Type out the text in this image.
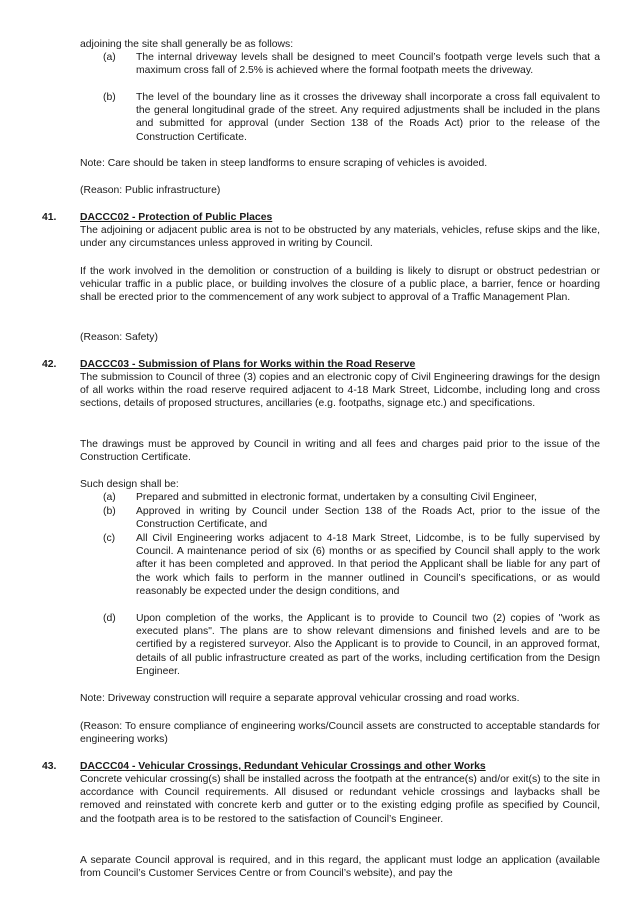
adjoining the site shall generally be as follows:

(a) The internal driveway levels shall be designed to meet Council’s footpath verge levels such that a maximum cross fall of 2.5% is achieved where the formal footpath meets the driveway.

(b) The level of the boundary line as it crosses the driveway shall incorporate a cross fall equivalent to the general longitudinal grade of the street. Any required adjustments shall be included in the plans and submitted for approval (under Section 138 of the Roads Act) prior to the release of the Construction Certificate.

Note: Care should be taken in steep landforms to ensure scraping of vehicles is avoided.

(Reason: Public infrastructure)

41. DACCC02 - Protection of Public Places

The adjoining or adjacent public area is not to be obstructed by any materials, vehicles, refuse skips and the like, under any circumstances unless approved in writing by Council.

If the work involved in the demolition or construction of a building is likely to disrupt or obstruct pedestrian or vehicular traffic in a public place, or building involves the closure of a public place, a barrier, fence or hoarding shall be erected prior to the commencement of any work subject to approval of a Traffic Management Plan.

(Reason: Safety)

42. DACCC03 - Submission of Plans for Works within the Road Reserve

The submission to Council of three (3) copies and an electronic copy of Civil Engineering drawings for the design of all works within the road reserve required adjacent to 4-18 Mark Street, Lidcombe, including long and cross sections, details of proposed structures, ancillaries (e.g. footpaths, signage etc.) and specifications.

The drawings must be approved by Council in writing and all fees and charges paid prior to the issue of the Construction Certificate.

Such design shall be:

(a) Prepared and submitted in electronic format, undertaken by a consulting Civil Engineer,

(b) Approved in writing by Council under Section 138 of the Roads Act, prior to the issue of the Construction Certificate, and

(c) All Civil Engineering works adjacent to 4-18 Mark Street, Lidcombe, is to be fully supervised by Council. A maintenance period of six (6) months or as specified by Council shall apply to the work after it has been completed and approved. In that period the Applicant shall be liable for any part of the work which fails to perform in the manner outlined in Council’s specifications, or as would reasonably be expected under the design conditions, and

(d) Upon completion of the works, the Applicant is to provide to Council two (2) copies of "work as executed plans". The plans are to show relevant dimensions and finished levels and are to be certified by a registered surveyor. Also the Applicant is to provide to Council, in an approved format, details of all public infrastructure created as part of the works, including certification from the Design Engineer.

Note: Driveway construction will require a separate approval vehicular crossing and road works.

(Reason: To ensure compliance of engineering works/Council assets are constructed to acceptable standards for engineering works)

43. DACCC04 - Vehicular Crossings, Redundant Vehicular Crossings and other Works

Concrete vehicular crossing(s) shall be installed across the footpath at the entrance(s) and/or exit(s) to the site in accordance with Council requirements. All disused or redundant vehicle crossings and laybacks shall be removed and reinstated with concrete kerb and gutter or to the existing edging profile as specified by Council, and the footpath area is to be restored to the satisfaction of Council’s Engineer.

A separate Council approval is required, and in this regard, the applicant must lodge an application (available from Council’s Customer Services Centre or from Council’s website), and pay the
